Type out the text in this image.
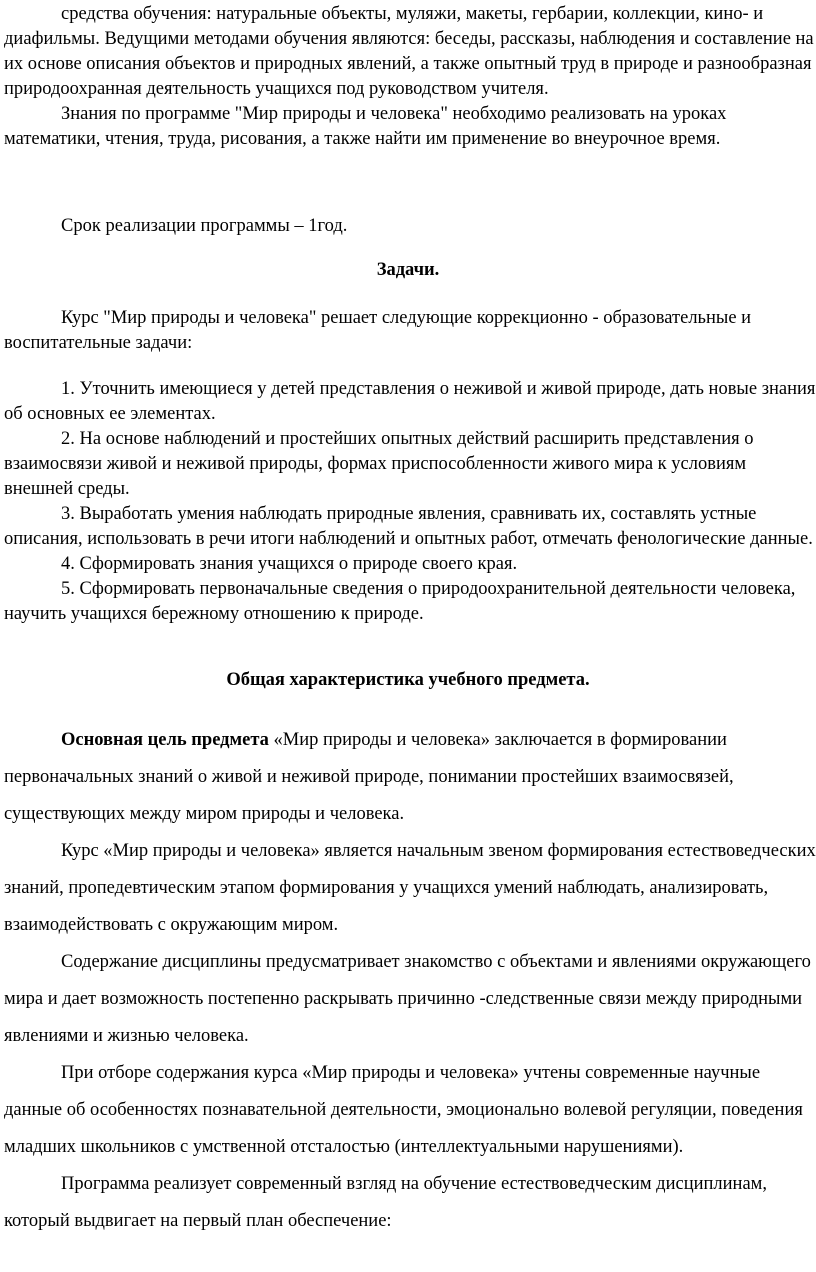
средства обучения: натуральные объекты, муляжи, макеты, гербарии, коллекции, кино- и диафильмы. Ведущими методами обучения являются: беседы, рассказы, наблюдения и составление на их основе описания объектов и природных явлений, а также опытный труд в природе и разнообразная природоохранная деятельность учащихся под руководством учителя.

Знания по программе "Мир природы и человека" необходимо реализовать на уроках математики, чтения, труда, рисования, а также найти им применение во внеурочное время.

Срок реализации программы – 1год.

Задачи.

Курс "Мир природы и человека" решает следующие коррекционно - образовательные и воспитательные задачи:

1. Уточнить имеющиеся у детей представления о неживой и живой природе, дать новые знания об основных ее элементах.

2. На основе наблюдений и простейших опытных действий расширить представления о взаимосвязи живой и неживой природы, формах приспособленности живого мира к условиям внешней среды.

3. Выработать умения наблюдать природные явления, сравнивать их, составлять устные описания, использовать в речи итоги наблюдений и опытных работ, отмечать фенологические данные.

4. Сформировать знания учащихся о природе своего края.

5. Сформировать первоначальные сведения о природоохранительной деятельности человека, научить учащихся бережному отношению к природе.

Общая характеристика учебного предмета.

Основная цель предмета «Мир природы и человека» заключается в формировании первоначальных знаний о живой и неживой природе, понимании простейших взаимосвязей, существующих между миром природы и человека.

Курс «Мир природы и человека» является начальным звеном формирования естествоведческих знаний, пропедевтическим этапом формирования у учащихся умений наблюдать, анализировать, взаимодействовать с окружающим миром.

Содержание дисциплины предусматривает знакомство с объектами и явлениями окружающего мира и дает возможность постепенно раскрывать причинно -следственные связи между природными явлениями и жизнью человека.

При отборе содержания курса «Мир природы и человека» учтены современные научные данные об особенностях познавательной деятельности, эмоционально волевой регуляции, поведения младших школьников с умственной отсталостью (интеллектуальными нарушениями).

Программа реализует современный взгляд на обучение естествоведческим дисциплинам, который выдвигает на первый план обеспечение:
